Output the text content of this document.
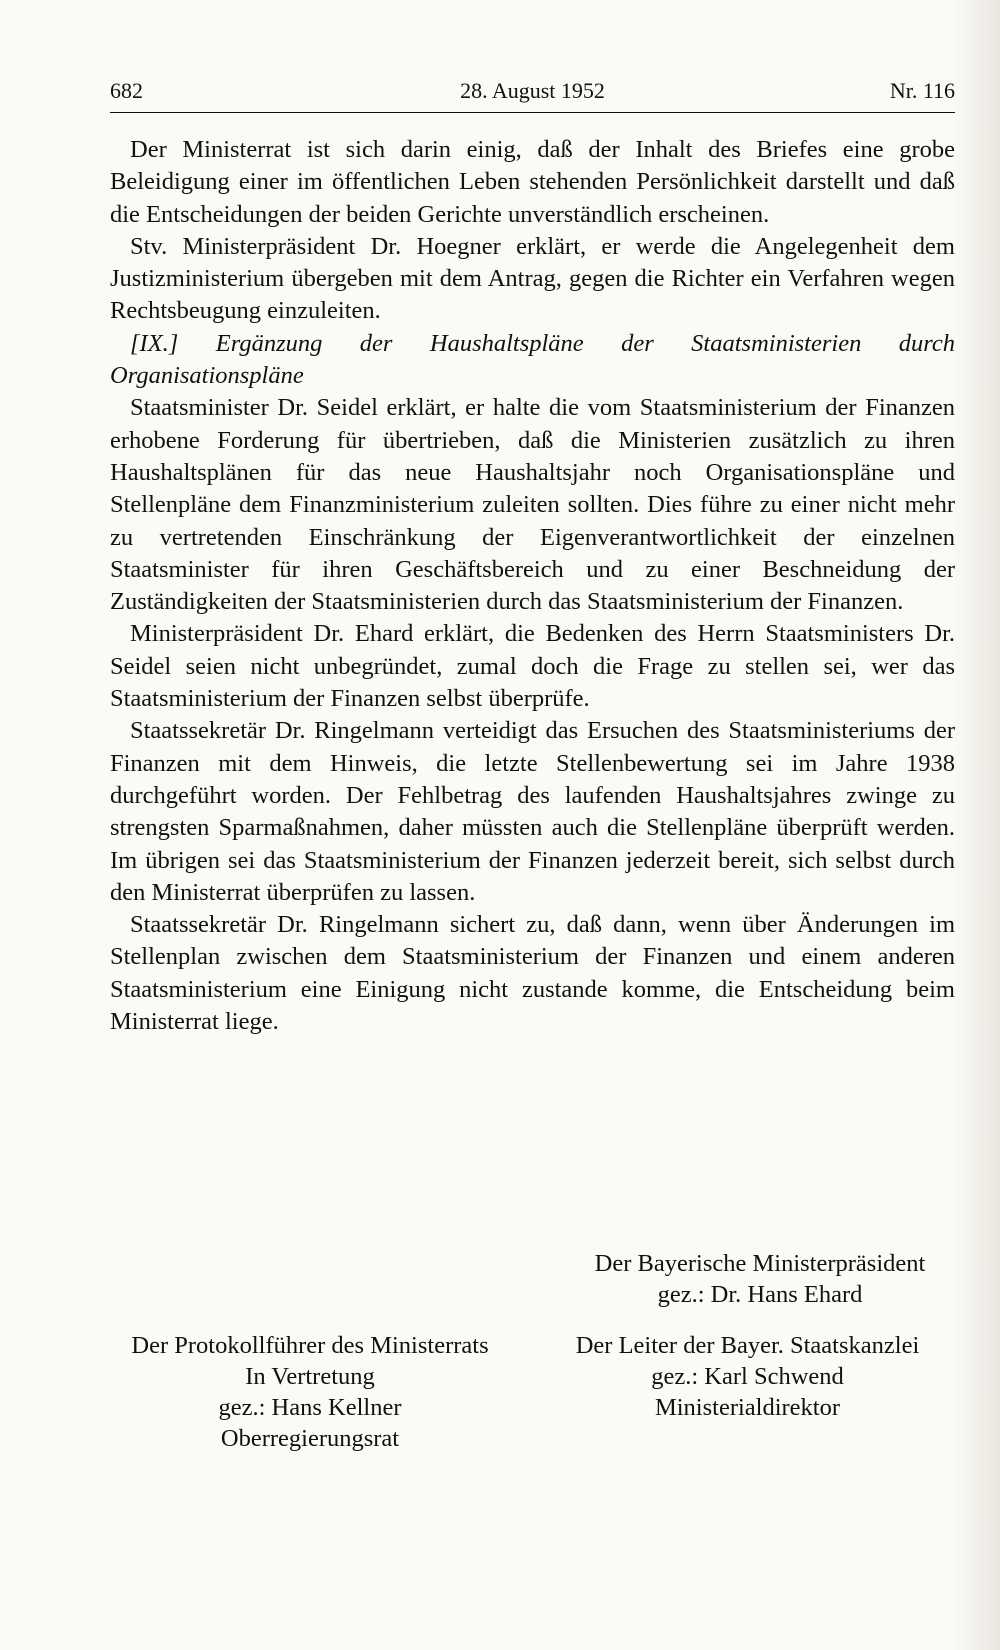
682	28. August 1952	Nr. 116

Der Ministerrat ist sich darin einig, daß der Inhalt des Briefes eine grobe Beleidigung einer im öffentlichen Leben stehenden Persönlichkeit darstellt und daß die Entscheidungen der beiden Gerichte unverständlich erscheinen.

Stv. Ministerpräsident Dr. Hoegner erklärt, er werde die Angelegenheit dem Justizministerium übergeben mit dem Antrag, gegen die Richter ein Verfahren wegen Rechtsbeugung einzuleiten.

[IX.] Ergänzung der Haushaltspläne der Staatsministerien durch Organisationspläne

Staatsminister Dr. Seidel erklärt, er halte die vom Staatsministerium der Finanzen erhobene Forderung für übertrieben, daß die Ministerien zusätzlich zu ihren Haushaltsplänen für das neue Haushaltsjahr noch Organisationspläne und Stellenpläne dem Finanzministerium zuleiten sollten. Dies führe zu einer nicht mehr zu vertretenden Einschränkung der Eigenverantwortlichkeit der einzelnen Staatsminister für ihren Geschäftsbereich und zu einer Beschneidung der Zuständigkeiten der Staatsministerien durch das Staatsministerium der Finanzen.

Ministerpräsident Dr. Ehard erklärt, die Bedenken des Herrn Staatsministers Dr. Seidel seien nicht unbegründet, zumal doch die Frage zu stellen sei, wer das Staatsministerium der Finanzen selbst überprüfe.

Staatssekretär Dr. Ringelmann verteidigt das Ersuchen des Staatsministeriums der Finanzen mit dem Hinweis, die letzte Stellenbewertung sei im Jahre 1938 durchgeführt worden. Der Fehlbetrag des laufenden Haushaltsjahres zwinge zu strengsten Sparmaßnahmen, daher müssten auch die Stellenpläne überprüft werden. Im übrigen sei das Staatsministerium der Finanzen jederzeit bereit, sich selbst durch den Ministerrat überprüfen zu lassen.

Staatssekretär Dr. Ringelmann sichert zu, daß dann, wenn über Änderungen im Stellenplan zwischen dem Staatsministerium der Finanzen und einem anderen Staatsministerium eine Einigung nicht zustande komme, die Entscheidung beim Ministerrat liege.

Der Bayerische Ministerpräsident
gez.: Dr. Hans Ehard
Der Protokollführer des Ministerrats
In Vertretung
gez.: Hans Kellner
Oberregierungsrat
Der Leiter der Bayer. Staatskanzlei
gez.: Karl Schwend
Ministerialdirektor
